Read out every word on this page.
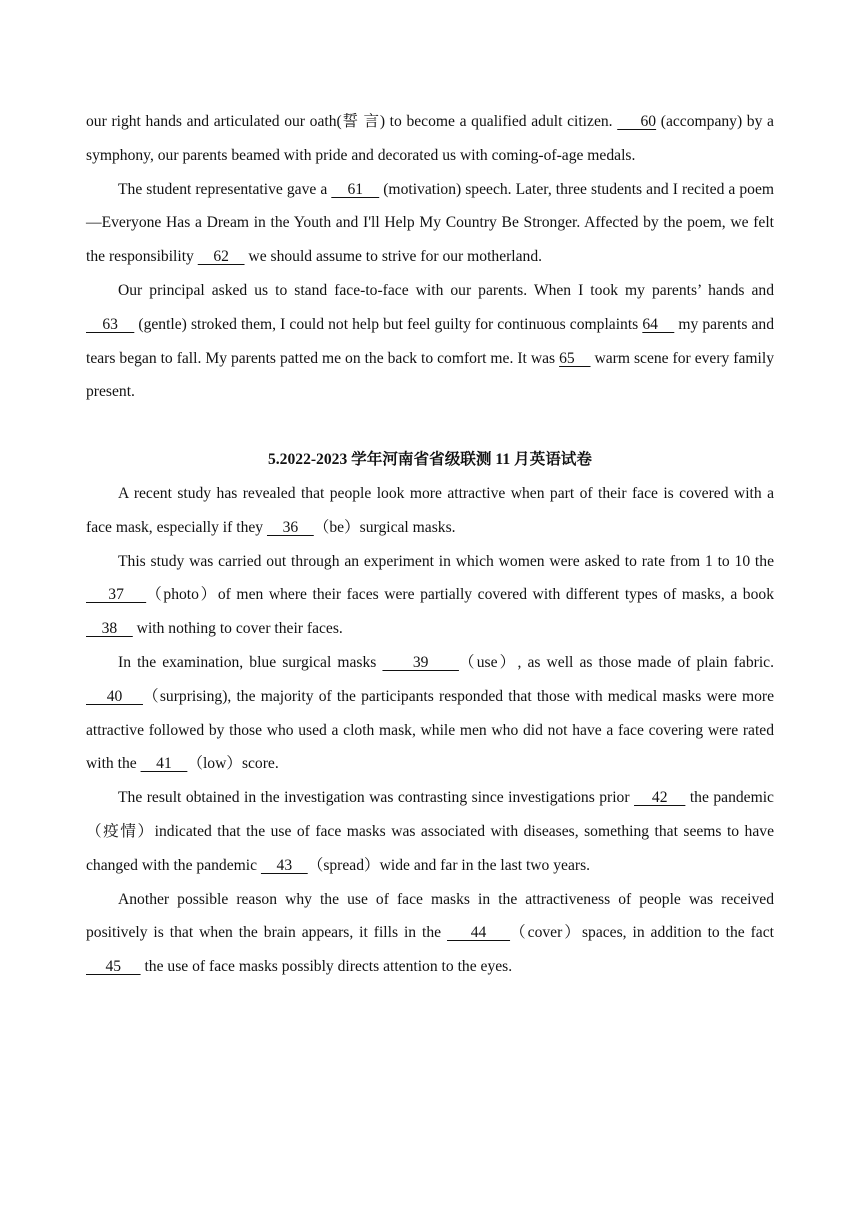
our right hands and articulated our oath(誓 言) to become a qualified adult citizen.      60 (accompany) by a symphony, our parents beamed with pride and decorated us with coming-of-age medals.

The student representative gave a     61     (motivation) speech. Later, three students and I recited a poem—Everyone Has a Dream in the Youth and I'll Help My Country Be Stronger. Affected by the poem, we felt the responsibility     62     we should assume to strive for our motherland.

Our principal asked us to stand face-to-face with our parents. When I took my parents’ hands and     63     (gentle) stroked them, I could not help but feel guilty for continuous complaints 64     my parents and tears began to fall. My parents patted me on the back to comfort me. It was 65     warm scene for every family present.

5.2022-2023 学年河南省省级联测 11 月英语试卷

A recent study has revealed that people look more attractive when part of their face is covered with a face mask, especially if they     36    （be）surgical masks.

This study was carried out through an experiment in which women were asked to rate from 1 to 10 the     37    （photo）of men where their faces were partially covered with different types of masks, a book     38     with nothing to cover their faces.

In the examination, blue surgical masks      39     （use）, as well as those made of plain fabric.     40    （surprising), the majority of the participants responded that those with medical masks were more attractive followed by those who used a cloth mask, while men who did not have a face covering were rated with the     41    （low）score.

The result obtained in the investigation was contrasting since investigations prior     42     the pandemic（疫情）indicated that the use of face masks was associated with diseases, something that seems to have changed with the pandemic     43    （spread）wide and far in the last two years.

Another possible reason why the use of face masks in the attractiveness of people was received positively is that when the brain appears, it fills in the     44    （cover）spaces, in addition to the fact      45      the use of face masks possibly directs attention to the eyes.
